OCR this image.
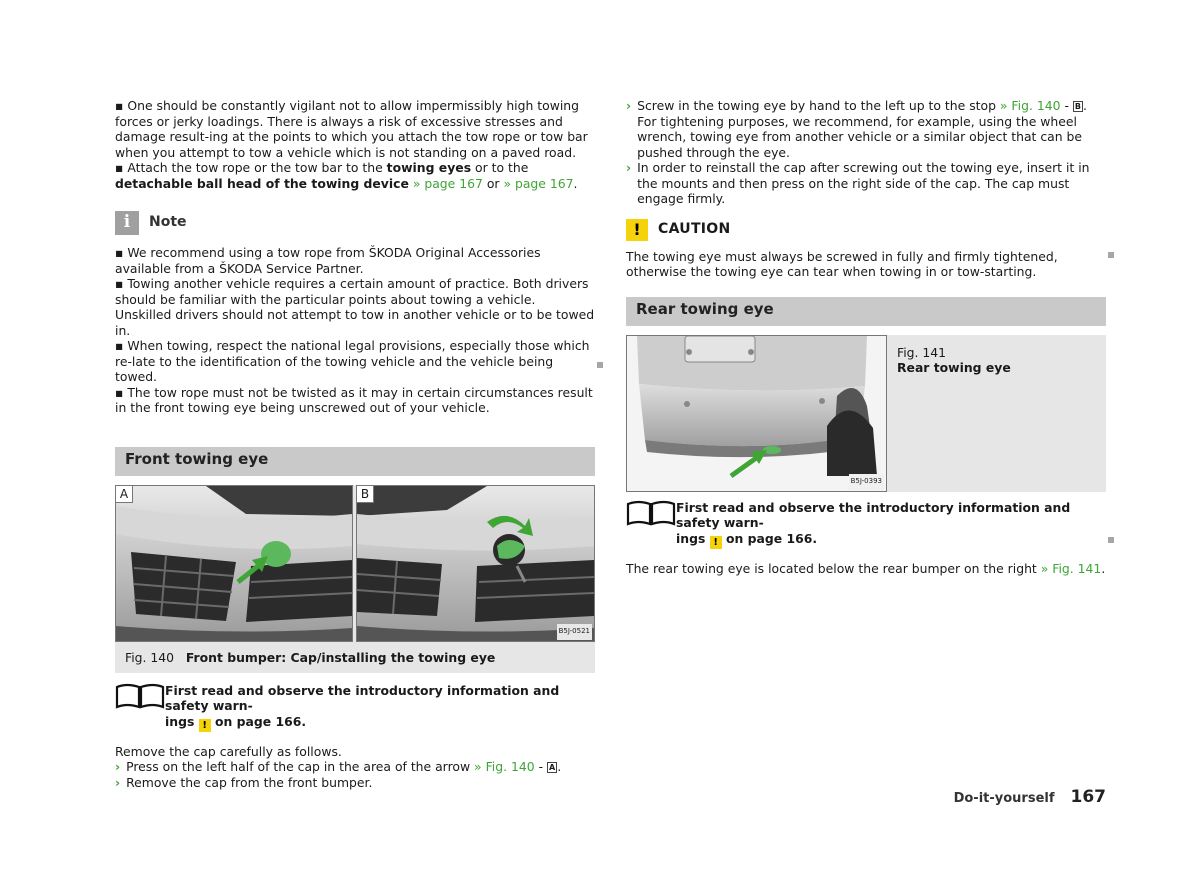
▪ One should be constantly vigilant not to allow impermissibly high towing forces or jerky loadings. There is always a risk of excessive stresses and damage result-ing at the points to which you attach the tow rope or tow bar when you attempt to tow a vehicle which is not standing on a paved road.

▪ Attach the tow rope or the tow bar to the towing eyes or to the detachable ball head of the towing device » page 167 or » page 167.

i	Note

▪ We recommend using a tow rope from ŠKODA Original Accessories available from a ŠKODA Service Partner.

▪ Towing another vehicle requires a certain amount of practice. Both drivers should be familiar with the particular points about towing a vehicle. Unskilled drivers should not attempt to tow in another vehicle or to be towed in.

▪ When towing, respect the national legal provisions, especially those which re-late to the identification of the towing vehicle and the vehicle being towed.

▪ The tow rope must not be twisted as it may in certain circumstances result in the front towing eye being unscrewed out of your vehicle.

Front towing eye
A	B
B5J-0521
Fig. 140 Front bumper: Cap/installing the towing eye
First read and observe the introductory information and safety warn-
ings ! on page 166.

Remove the cap carefully as follows.

› Press on the left half of the cap in the area of the arrow » Fig. 140 - A .
› Remove the cap from the front bumper.
› Screw in the towing eye by hand to the left up to the stop » Fig. 140 - B . For tightening purposes, we recommend, for example, using the wheel wrench, towing eye from another vehicle or a similar object that can be pushed through the eye.
› In order to reinstall the cap after screwing out the towing eye, insert it in the mounts and then press on the right side of the cap. The cap must engage firmly.
!	CAUTION

The towing eye must always be screwed in fully and firmly tightened, otherwise the towing eye can tear when towing in or tow-starting.

Rear towing eye
B5J-0393
Fig. 141
Rear towing eye
First read and observe the introductory information and safety warn-
ings ! on page 166.

The rear towing eye is located below the rear bumper on the right » Fig. 141.

Do-it-yourself 167
